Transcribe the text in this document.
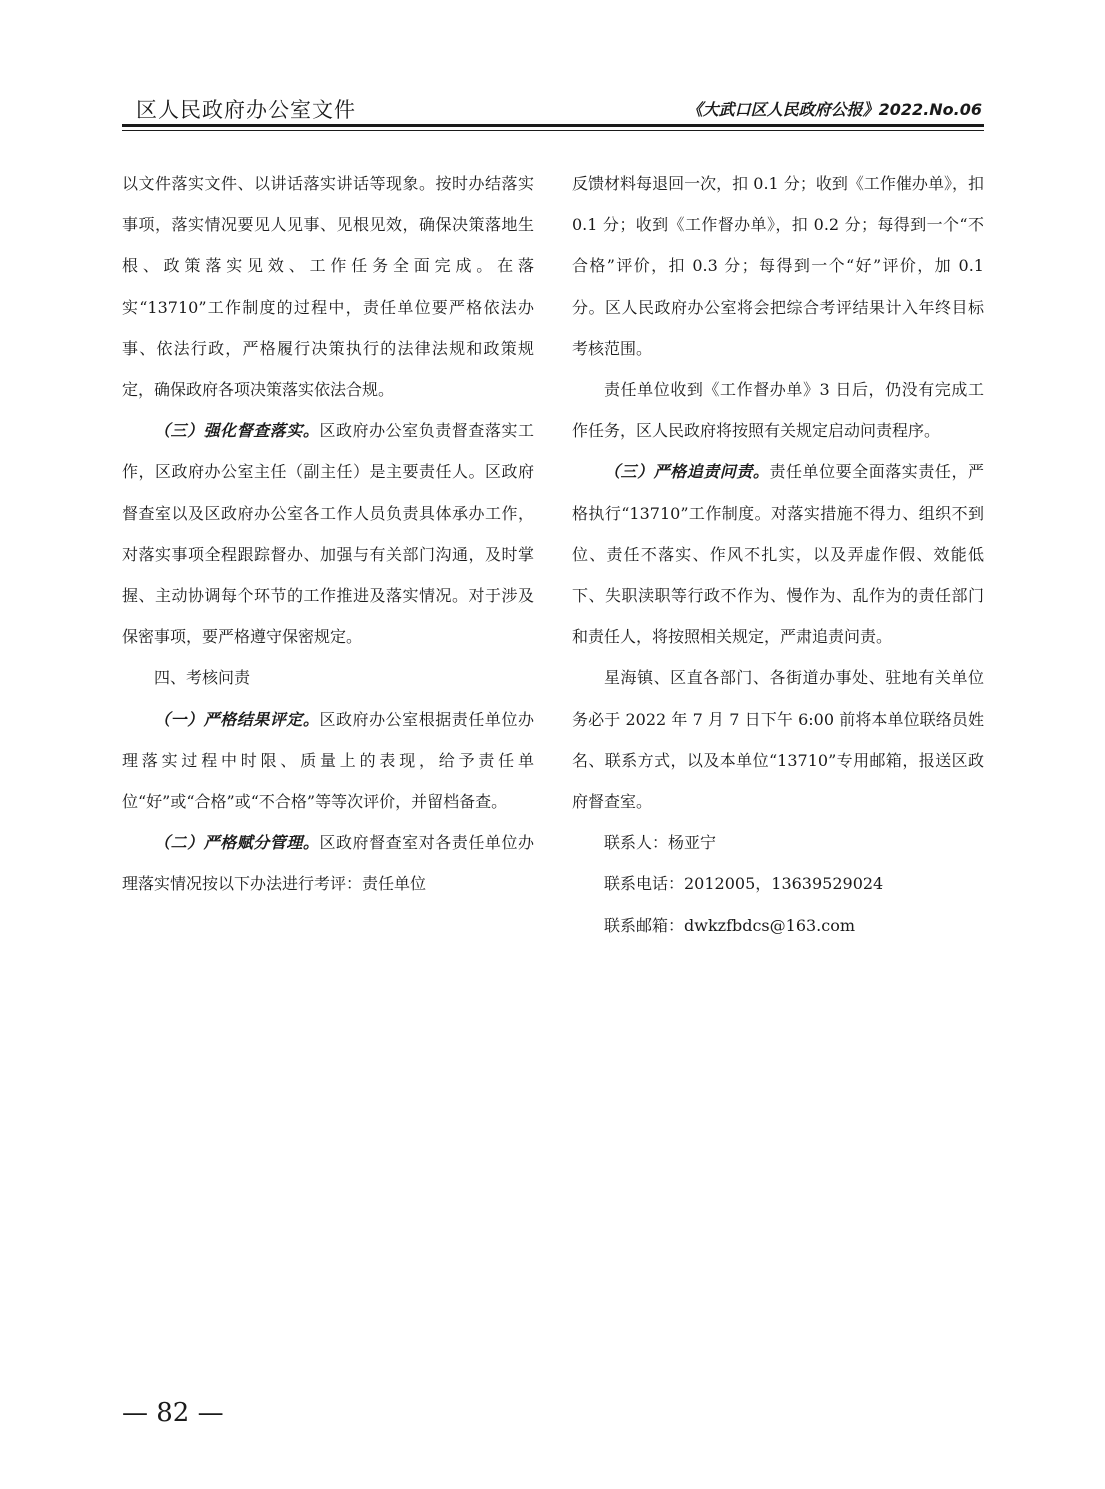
区人民政府办公室文件	《大武口区人民政府公报》2022.No.06

以文件落实文件、以讲话落实讲话等现象。按时办结落实事项，落实情况要见人见事、见根见效，确保决策落地生根、政策落实见效、工作任务全面完成。在落实“13710”工作制度的过程中，责任单位要严格依法办事、依法行政，严格履行决策执行的法律法规和政策规定，确保政府各项决策落实依法合规。

（三）强化督查落实。区政府办公室负责督查落实工作，区政府办公室主任（副主任）是主要责任人。区政府督查室以及区政府办公室各工作人员负责具体承办工作，对落实事项全程跟踪督办、加强与有关部门沟通，及时掌握、主动协调每个环节的工作推进及落实情况。对于涉及保密事项，要严格遵守保密规定。

四、考核问责

（一）严格结果评定。区政府办公室根据责任单位办理落实过程中时限、质量上的表现，给予责任单位“好”或“合格”或“不合格”等等次评价，并留档备查。

（二）严格赋分管理。区政府督查室对各责任单位办理落实情况按以下办法进行考评：责任单位

反馈材料每退回一次，扣 0.1 分；收到《工作催办单》，扣 0.1 分；收到《工作督办单》，扣 0.2 分；每得到一个“不合格”评价，扣 0.3 分；每得到一个“好”评价，加 0.1 分。区人民政府办公室将会把综合考评结果计入年终目标考核范围。

责任单位收到《工作督办单》3 日后，仍没有完成工作任务，区人民政府将按照有关规定启动问责程序。

（三）严格追责问责。责任单位要全面落实责任，严格执行“13710”工作制度。对落实措施不得力、组织不到位、责任不落实、作风不扎实，以及弄虚作假、效能低下、失职渎职等行政不作为、慢作为、乱作为的责任部门和责任人，将按照相关规定，严肃追责问责。

星海镇、区直各部门、各街道办事处、驻地有关单位务必于 2022 年 7 月 7 日下午 6:00 前将本单位联络员姓名、联系方式，以及本单位“13710”专用邮箱，报送区政府督查室。

联系人：杨亚宁

联系电话：2012005，13639529024

联系邮箱：dwkzfbdcs@163.com

— 82 —
